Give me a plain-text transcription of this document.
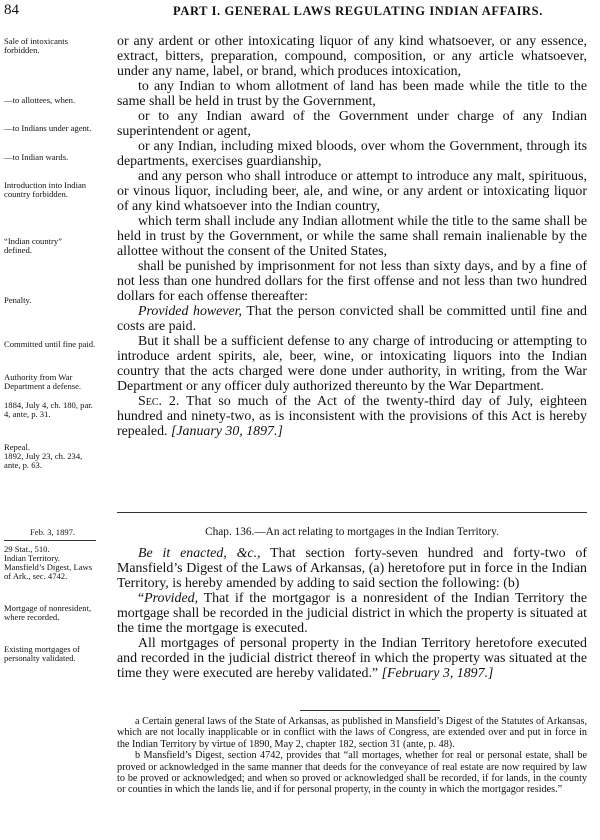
84	PART I. GENERAL LAWS REGULATING INDIAN AFFAIRS.
Sale of intoxicants forbidden.
—to allottees, when.
—to Indians under agent.
—to Indian wards.
Introduction into Indian country forbidden.
“Indian country” defined.
Penalty.
Committed until fine paid.
Authority from War Department a defense.
1884, July 4, ch. 180, par. 4, ante, p. 31.
Repeal.
1892, July 23, ch. 234, ante, p. 63.

or any ardent or other intoxicating liquor of any kind whatsoever, or any essence, extract, bitters, preparation, compound, composition, or any article whatsoever, under any name, label, or brand, which produces intoxication,

to any Indian to whom allotment of land has been made while the title to the same shall be held in trust by the Government,

or to any Indian award of the Government under charge of any Indian superintendent or agent,

or any Indian, including mixed bloods, over whom the Government, through its departments, exercises guardianship,

and any person who shall introduce or attempt to introduce any malt, spirituous, or vinous liquor, including beer, ale, and wine, or any ardent or intoxicating liquor of any kind whatsoever into the Indian country,

which term shall include any Indian allotment while the title to the same shall be held in trust by the Government, or while the same shall remain inalienable by the allottee without the consent of the United States,

shall be punished by imprisonment for not less than sixty days, and by a fine of not less than one hundred dollars for the first offense and not less than two hundred dollars for each offense thereafter:

Provided however, That the person convicted shall be committed until fine and costs are paid.

But it shall be a sufficient defense to any charge of introducing or attempting to introduce ardent spirits, ale, beer, wine, or intoxicating liquors into the Indian country that the acts charged were done under authority, in writing, from the War Department or any officer duly authorized thereunto by the War Department.

Sec. 2. That so much of the Act of the twenty-third day of July, eighteen hundred and ninety-two, as is inconsistent with the provisions of this Act is hereby repealed. [January 30, 1897.]

Feb. 3, 1897.
29 Stat., 510.
Indian Territory.
Mansfield’s Digest, Laws of Ark., sec. 4742.
Mortgage of nonresident, where recorded.
Existing mortgages of personalty validated.
Chap. 136.—An act relating to mortgages in the Indian Territory.

Be it enacted, &c., That section forty-seven hundred and forty-two of Mansfield’s Digest of the Laws of Arkansas, (a) heretofore put in force in the Indian Territory, is hereby amended by adding to said section the following: (b)

“Provided, That if the mortgagor is a nonresident of the Indian Territory the mortgage shall be recorded in the judicial district in which the property is situated at the time the mortgage is executed.

All mortgages of personal property in the Indian Territory heretofore executed and recorded in the judicial district thereof in which the property was situated at the time they were executed are hereby validated.” [February 3, 1897.]

a Certain general laws of the State of Arkansas, as published in Mansfield’s Digest of the Statutes of Arkansas, which are not locally inapplicable or in conflict with the laws of Congress, are extended over and put in force in the Indian Territory by virtue of 1890, May 2, chapter 182, section 31 (ante, p. 48).

b Mansfield’s Digest, section 4742, provides that “all mortages, whether for real or personal estate, shall be proved or acknowledged in the same manner that deeds for the conveyance of real estate are now required by law to be proved or acknowledged; and when so proved or acknowledged shall be recorded, if for lands, in the county or counties in which the lands lie, and if for personal property, in the county in which the mortgagor resides.”
